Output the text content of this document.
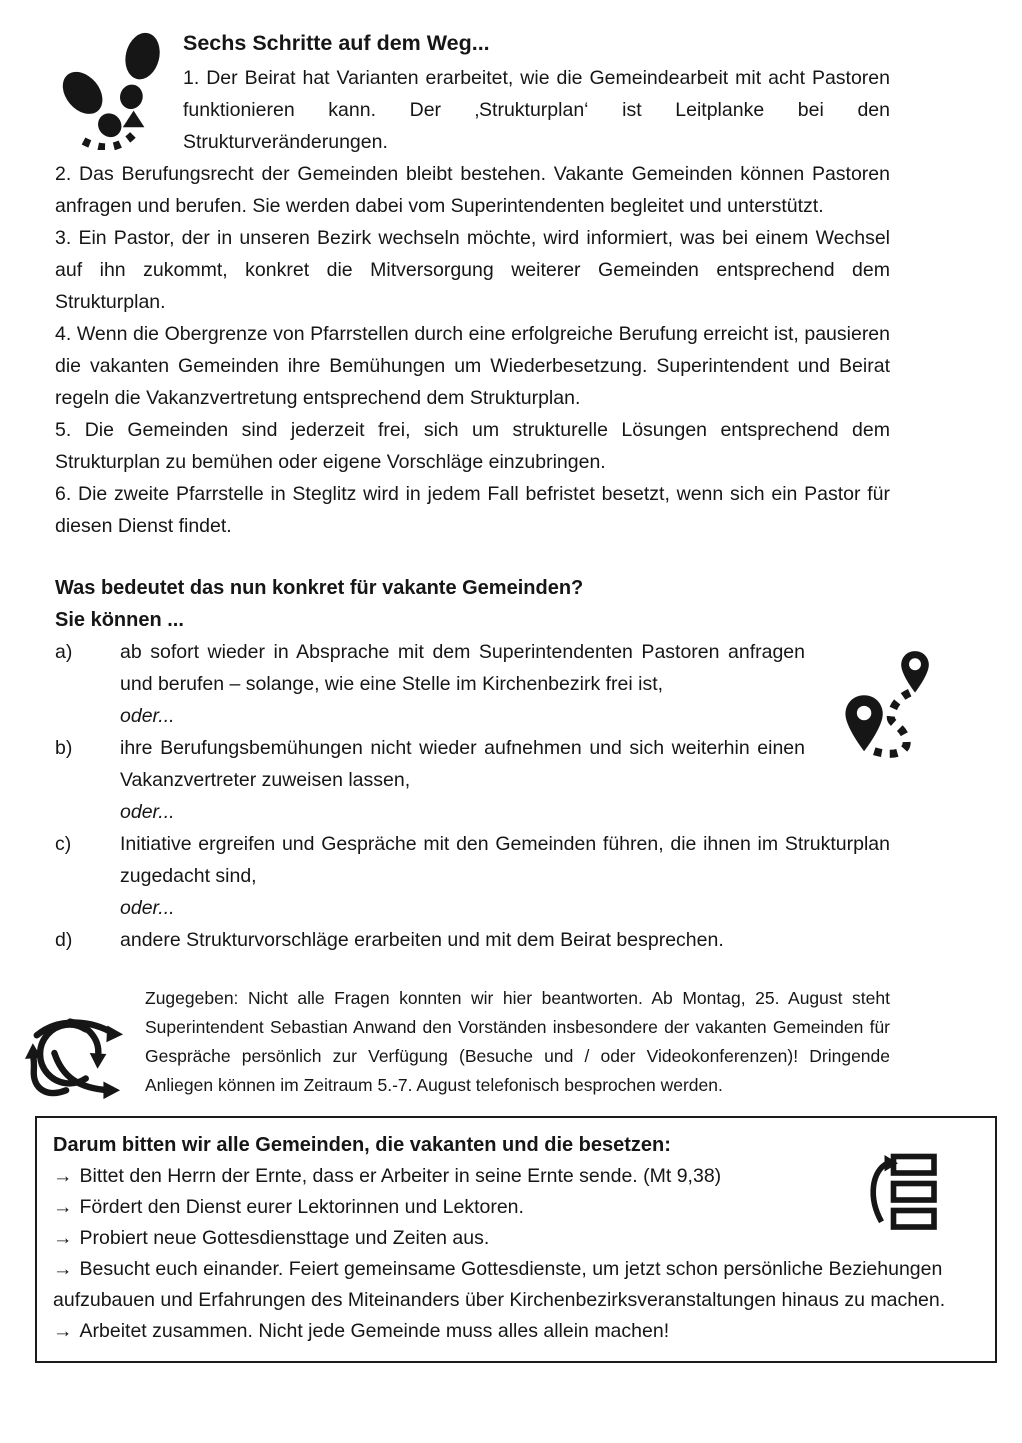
Sechs Schritte auf dem Weg...

1. Der Beirat hat Varianten erarbeitet, wie die Gemeindearbeit mit acht Pastoren funktionieren kann. Der ‚Strukturplan‘ ist Leitplanke bei den Strukturveränderungen.

2. Das Berufungsrecht der Gemeinden bleibt bestehen. Vakante Gemeinden können Pastoren anfragen und berufen. Sie werden dabei vom Superintendenten begleitet und unterstützt.

3. Ein Pastor, der in unseren Bezirk wechseln möchte, wird informiert, was bei einem Wechsel auf ihn zukommt, konkret die Mitversorgung weiterer Gemeinden entsprechend dem Strukturplan.

4. Wenn die Obergrenze von Pfarrstellen durch eine erfolgreiche Berufung erreicht ist, pausieren die vakanten Gemeinden ihre Bemühungen um Wiederbesetzung. Superintendent und Beirat regeln die Vakanzvertretung entsprechend dem Strukturplan.

5. Die Gemeinden sind jederzeit frei, sich um strukturelle Lösungen entsprechend dem Strukturplan zu bemühen oder eigene Vorschläge einzubringen.

6. Die zweite Pfarrstelle in Steglitz wird in jedem Fall befristet besetzt, wenn sich ein Pastor für diesen Dienst findet.

Was bedeutet das nun konkret für vakante Gemeinden?

Sie können ...

a)	ab sofort wieder in Absprache mit dem Superintendenten Pastoren anfragen und berufen – solange, wie eine Stelle im Kirchenbezirk frei ist,
oder...
b)	ihre Berufungsbemühungen nicht wieder aufnehmen und sich weiterhin einen Vakanzvertreter zuweisen lassen,
oder...
c)	Initiative ergreifen und Gespräche mit den Gemeinden führen, die ihnen im Strukturplan zugedacht sind,
oder...
d)	andere Strukturvorschläge erarbeiten und mit dem Beirat besprechen.

Zugegeben: Nicht alle Fragen konnten wir hier beantworten. Ab Montag, 25. August steht Superintendent Sebastian Anwand den Vorständen insbesondere der vakanten Gemeinden für Gespräche persönlich zur Verfügung (Besuche und / oder Videokonferenzen)! Dringende Anliegen können im Zeitraum 5.-7. August telefonisch besprochen werden.

Darum bitten wir alle Gemeinden, die vakanten und die besetzen:

→ Bittet den Herrn der Ernte, dass er Arbeiter in seine Ernte sende. (Mt 9,38)

→ Fördert den Dienst eurer Lektorinnen und Lektoren.

→ Probiert neue Gottesdiensttage und Zeiten aus.

→ Besucht euch einander. Feiert gemeinsame Gottesdienste, um jetzt schon persönliche Beziehungen aufzubauen und Erfahrungen des Miteinanders über Kirchenbezirksveranstaltungen hinaus zu machen.

→ Arbeitet zusammen. Nicht jede Gemeinde muss alles allein machen!
